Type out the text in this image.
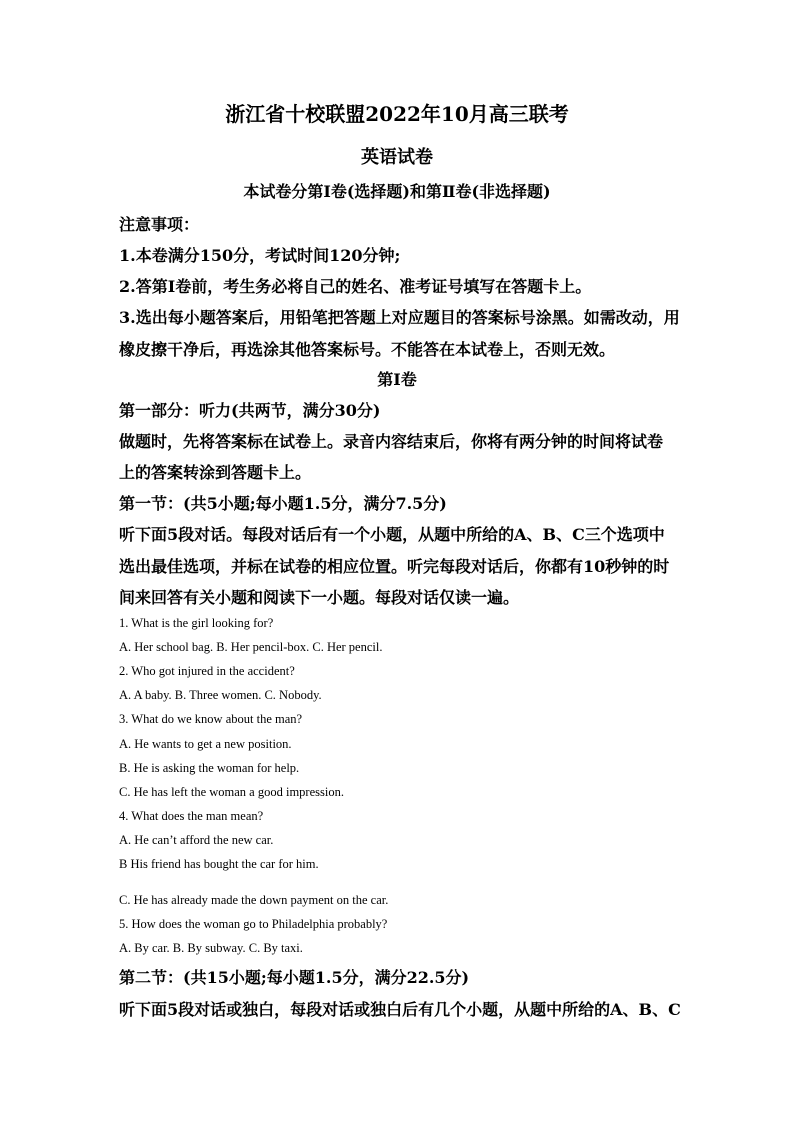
浙江省十校联盟2022年10月高三联考
英语试卷
本试卷分第Ⅰ卷(选择题)和第Ⅱ卷(非选择题)
注意事项：
1.本卷满分150分，考试时间120分钟;
2.答第Ⅰ卷前，考生务必将自己的姓名、准考证号填写在答题卡上。
3.选出每小题答案后，用铅笔把答题上对应题目的答案标号涂黑。如需改动，用
橡皮擦干净后，再选涂其他答案标号。不能答在本试卷上，否则无效。
第Ⅰ卷
第一部分：听力(共两节，满分30分)
做题时，先将答案标在试卷上。录音内容结束后，你将有两分钟的时间将试卷
上的答案转涂到答题卡上。
第一节：(共5小题;每小题1.5分，满分7.5分)
听下面5段对话。每段对话后有一个小题，从题中所给的A、B、C三个选项中
选出最佳选项，并标在试卷的相应位置。听完每段对话后，你都有10秒钟的时
间来回答有关小题和阅读下一小题。每段对话仅读一遍。
1. What is the girl looking for?
A. Her school bag. B. Her pencil-box. C. Her pencil.
2. Who got injured in the accident?
A. A baby. B. Three women. C. Nobody.
3. What do we know about the man?
A. He wants to get a new position.
B. He is asking the woman for help.
C. He has left the woman a good impression.
4. What does the man mean?
A. He can’t afford the new car.
B His friend has bought the car for him.
C. He has already made the down payment on the car.
5. How does the woman go to Philadelphia probably?
A. By car. B. By subway. C. By taxi.
第二节：(共15小题;每小题1.5分，满分22.5分)
听下面5段对话或独白，每段对话或独白后有几个小题，从题中所给的A、B、C
